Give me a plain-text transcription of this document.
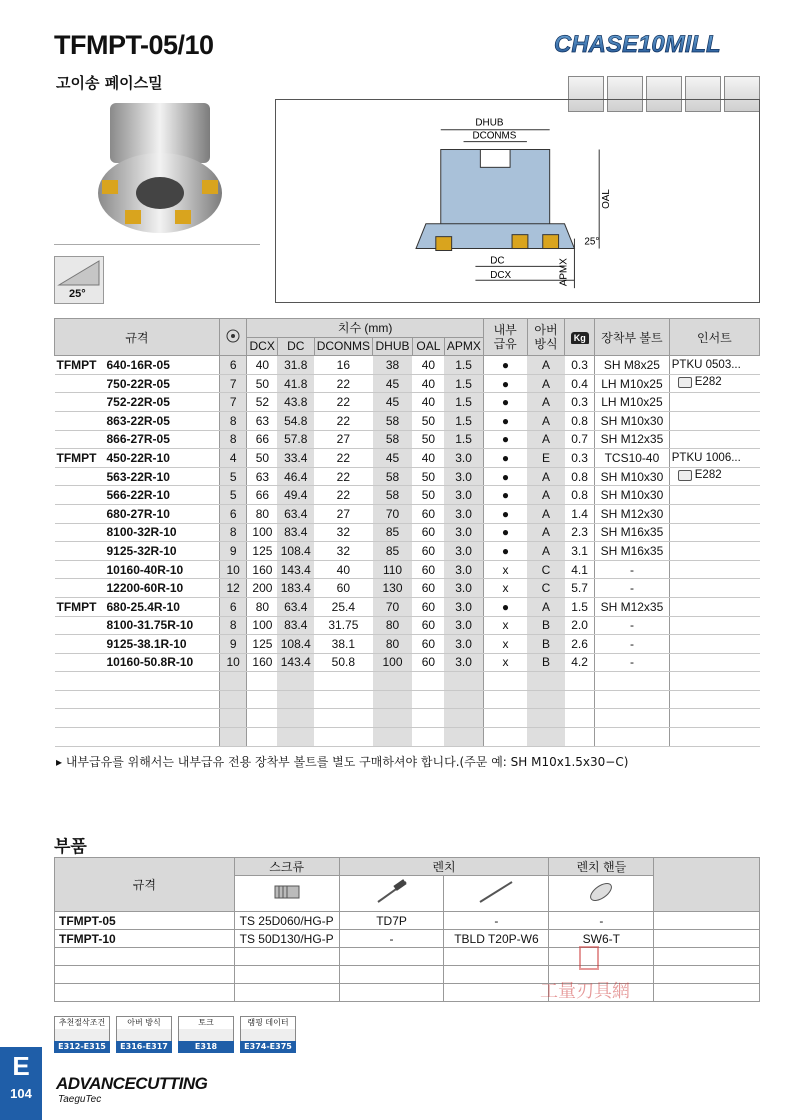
TFMPT-05/10	CHASE10MILL
고이송 페이스밀
25°
DHUB
DCONMS
OAL
25°
DC
DCX	APMX
규격		치수 (mm)						내부
급유	아버
방식	Kg	장착부 볼트	인서트
		DCX	DC	DCONMS	DHUB	OAL	APMX					
TFMPT 640-16R-05	6	40	31.8	16	38	40	1.5	●	A	0.3	SH M8x25	PTKU 0503...
750-22R-05	7	50	41.8	22	45	40	1.5	●	A	0.4	LH M10x25	E282

752-22R-05	7	52	43.8	22	45	40	1.5	●	A	0.3	LH M10x25	
863-22R-05	8	63	54.8	22	58	50	1.5	●	A	0.8	SH M10x30	
866-27R-05	8	66	57.8	27	58	50	1.5	●	A	0.7	SH M12x35	
TFMPT 450-22R-10	4	50	33.4	22	45	40	3.0	●	E	0.3	TCS10-40	PTKU 1006...
563-22R-10	5	63	46.4	22	58	50	3.0	●	A	0.8	SH M10x30	E282

566-22R-10	5	66	49.4	22	58	50	3.0	●	A	0.8	SH M10x30	
680-27R-10	6	80	63.4	27	70	60	3.0	●	A	1.4	SH M12x30	
8100-32R-10	8	100	83.4	32	85	60	3.0	●	A	2.3	SH M16x35	
9125-32R-10	9	125	108.4	32	85	60	3.0	●	A	3.1	SH M16x35	
10160-40R-10	10	160	143.4	40	110	60	3.0	x	C	4.1	-	
12200-60R-10	12	200	183.4	60	130	60	3.0	x	C	5.7	-	
TFMPT 680-25.4R-10	6	80	63.4	25.4	70	60	3.0	●	A	1.5	SH M12x35	
8100-31.75R-10	8	100	83.4	31.75	80	60	3.0	x	B	2.0	-	
9125-38.1R-10	9	125	108.4	38.1	80	60	3.0	x	B	2.6	-	
10160-50.8R-10	10	160	143.4	50.8	100	60	3.0	x	B	4.2	-	

▸ 내부급유를 위해서는 내부급유 전용 장착부 볼트를 별도 구매하셔야 합니다.(주문 예: SH M10x1.5x30−C)
부품
규격	스크류	렌치		렌치 핸들	

TFMPT-05	TS 25D060/HG-P	TD7P	-	-	
TFMPT-10	TS 50D130/HG-P	-	TBLD T20P-W6	SW6-T	

工量刃具網
추천절삭조건
E312-E315
아버 방식
E316-E317
토크
E318
램핑 데이터
E374-E375
E
104
ADVANCECUTTING
TaeguTec
